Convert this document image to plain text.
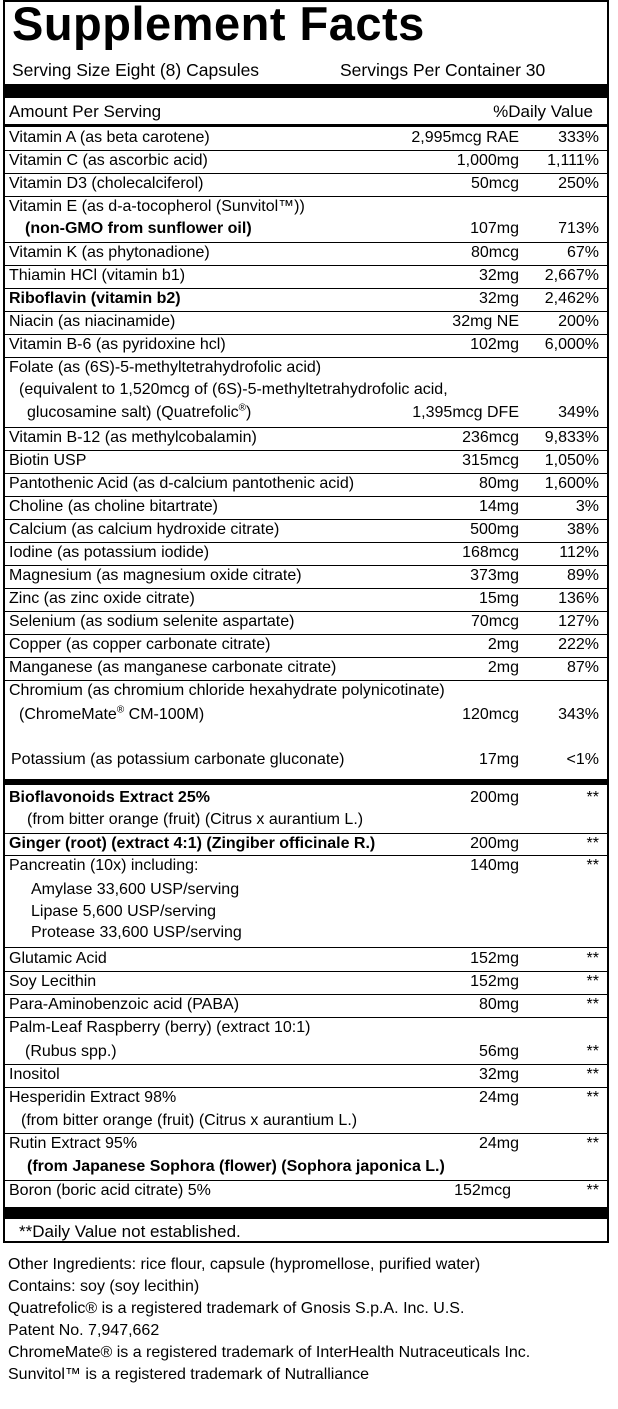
Supplement Facts
Serving Size Eight (8) Capsules	Servings Per Container 30
Amount Per Serving	%Daily Value
Vitamin A (as beta carotene)	2,995mcg RAE 333%
Vitamin C (as ascorbic acid)	1,000mg 1,111%
Vitamin D3 (cholecalciferol)	50mcg 250%
Vitamin E (as d-a-tocopherol (Sunvitol™))
(non-GMO from sunflower oil)	107mg 713%
Vitamin K (as phytonadione)	80mcg	67%
Thiamin HCl (vitamin b1)	32mg 2,667%
Riboflavin (vitamin b2)	32mg 2,462%
Niacin (as niacinamide)	32mg NE 200%
Vitamin B-6 (as pyridoxine hcl)	102mg 6,000%
Folate (as (6S)-5-methyltetrahydrofolic acid)
(equivalent to 1,520mcg of (6S)-5-methyltetrahydrofolic acid,
glucosamine salt) (Quatrefolic®)	1,395mcg DFE 349%
Vitamin B-12 (as methylcobalamin)	236mcg 9,833%
Biotin USP	315mcg 1,050%
Pantothenic Acid (as d-calcium pantothenic acid)	80mg 1,600%
Choline (as choline bitartrate)	14mg	3%
Calcium (as calcium hydroxide citrate)	500mg	38%
Iodine (as potassium iodide)	168mcg	112%
Magnesium (as magnesium oxide citrate)	373mg	89%
Zinc (as zinc oxide citrate)	15mg 136%
Selenium (as sodium selenite aspartate)	70mcg 127%
Copper (as copper carbonate citrate)	2mg 222%
Manganese (as manganese carbonate citrate)	2mg	87%
Chromium (as chromium chloride hexahydrate polynicotinate)
(ChromeMate® CM-100M)	120mcg 343%
Potassium (as potassium carbonate gluconate)	17mg	<1%
Bioflavonoids Extract 25%
(from bitter orange (fruit) (Citrus x aurantium L.)
200mg	**
Ginger (root) (extract 4:1) (Zingiber officinale R.)	200mg	**
Pancreatin (10x) including:
Amylase 33,600 USP/serving
Lipase 5,600 USP/serving
Protease 33,600 USP/serving
140mg	**
Glutamic Acid	152mg	**
Soy Lecithin	152mg	**
Para-Aminobenzoic acid (PABA)	80mg	**
Palm-Leaf Raspberry (berry) (extract 10:1)
(Rubus spp.)	56mg	**
Inositol	32mg	**
Hesperidin Extract 98%
(from bitter orange (fruit) (Citrus x aurantium L.)
24mg	**
Rutin Extract 95%
(from Japanese Sophora (flower) (Sophora japonica L.)
24mg	**
Boron (boric acid citrate) 5%	152mcg	**
**Daily Value not established.
Other Ingredients: rice flour, capsule (hypromellose, purified water)
Contains: soy (soy lecithin)
Quatrefolic® is a registered trademark of Gnosis S.p.A. Inc. U.S.
Patent No. 7,947,662
ChromeMate® is a registered trademark of InterHealth Nutraceuticals Inc.
Sunvitol™ is a registered trademark of Nutralliance
